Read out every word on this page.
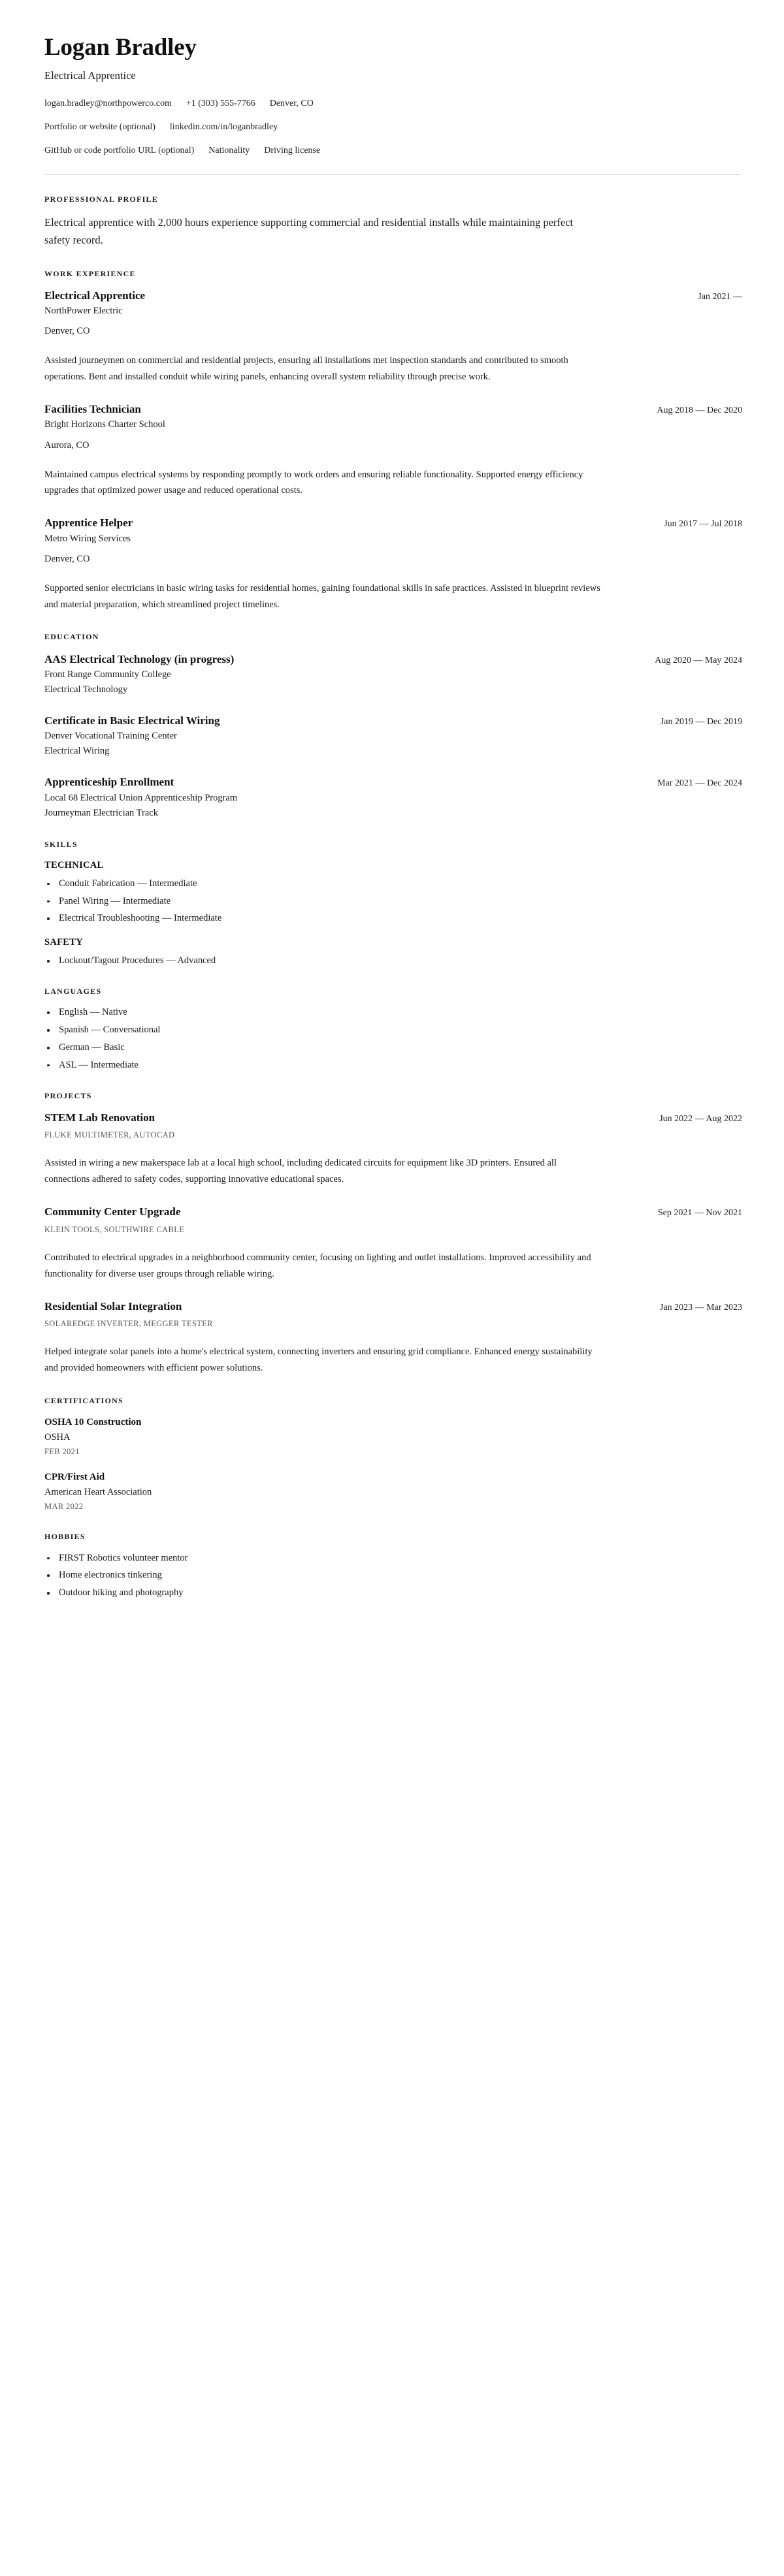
Logan Bradley
Electrical Apprentice
logan.bradley@northpowerco.com +1 (303) 555-7766 Denver, CO
Portfolio or website (optional) linkedin.com/in/loganbradley
GitHub or code portfolio URL (optional) Nationality Driving license
PROFESSIONAL PROFILE

Electrical apprentice with 2,000 hours experience supporting commercial and residential installs while maintaining perfect safety record.

WORK EXPERIENCE
Electrical Apprentice	Jan 2021 —
NorthPower Electric
Denver, CO

Assisted journeymen on commercial and residential projects, ensuring all installations met inspection standards and contributed to smooth operations. Bent and installed conduit while wiring panels, enhancing overall system reliability through precise work.

Facilities Technician	Aug 2018 — Dec 2020
Bright Horizons Charter School
Aurora, CO

Maintained campus electrical systems by responding promptly to work orders and ensuring reliable functionality. Supported energy efficiency upgrades that optimized power usage and reduced operational costs.

Apprentice Helper	Jun 2017 — Jul 2018
Metro Wiring Services
Denver, CO

Supported senior electricians in basic wiring tasks for residential homes, gaining foundational skills in safe practices. Assisted in blueprint reviews and material preparation, which streamlined project timelines.

EDUCATION
AAS Electrical Technology (in progress)	Aug 2020 — May 2024
Front Range Community College
Electrical Technology
Certificate in Basic Electrical Wiring	Jan 2019 — Dec 2019
Denver Vocational Training Center
Electrical Wiring
Apprenticeship Enrollment	Mar 2021 — Dec 2024
Local 68 Electrical Union Apprenticeship Program
Journeyman Electrician Track
SKILLS
TECHNICAL
Conduit Fabrication — Intermediate
Panel Wiring — Intermediate
Electrical Troubleshooting — Intermediate
SAFETY
Lockout/Tagout Procedures — Advanced
LANGUAGES
English — Native
Spanish — Conversational
German — Basic
ASL — Intermediate
PROJECTS
STEM Lab Renovation	Jun 2022 — Aug 2022
FLUKE MULTIMETER, AUTOCAD

Assisted in wiring a new makerspace lab at a local high school, including dedicated circuits for equipment like 3D printers. Ensured all connections adhered to safety codes, supporting innovative educational spaces.

Community Center Upgrade	Sep 2021 — Nov 2021
KLEIN TOOLS, SOUTHWIRE CABLE

Contributed to electrical upgrades in a neighborhood community center, focusing on lighting and outlet installations. Improved accessibility and functionality for diverse user groups through reliable wiring.

Residential Solar Integration	Jan 2023 — Mar 2023
SOLAREDGE INVERTER, MEGGER TESTER

Helped integrate solar panels into a home's electrical system, connecting inverters and ensuring grid compliance. Enhanced energy sustainability and provided homeowners with efficient power solutions.

CERTIFICATIONS
OSHA 10 Construction
OSHA
FEB 2021
CPR/First Aid
American Heart Association
MAR 2022
HOBBIES
FIRST Robotics volunteer mentor
Home electronics tinkering
Outdoor hiking and photography
